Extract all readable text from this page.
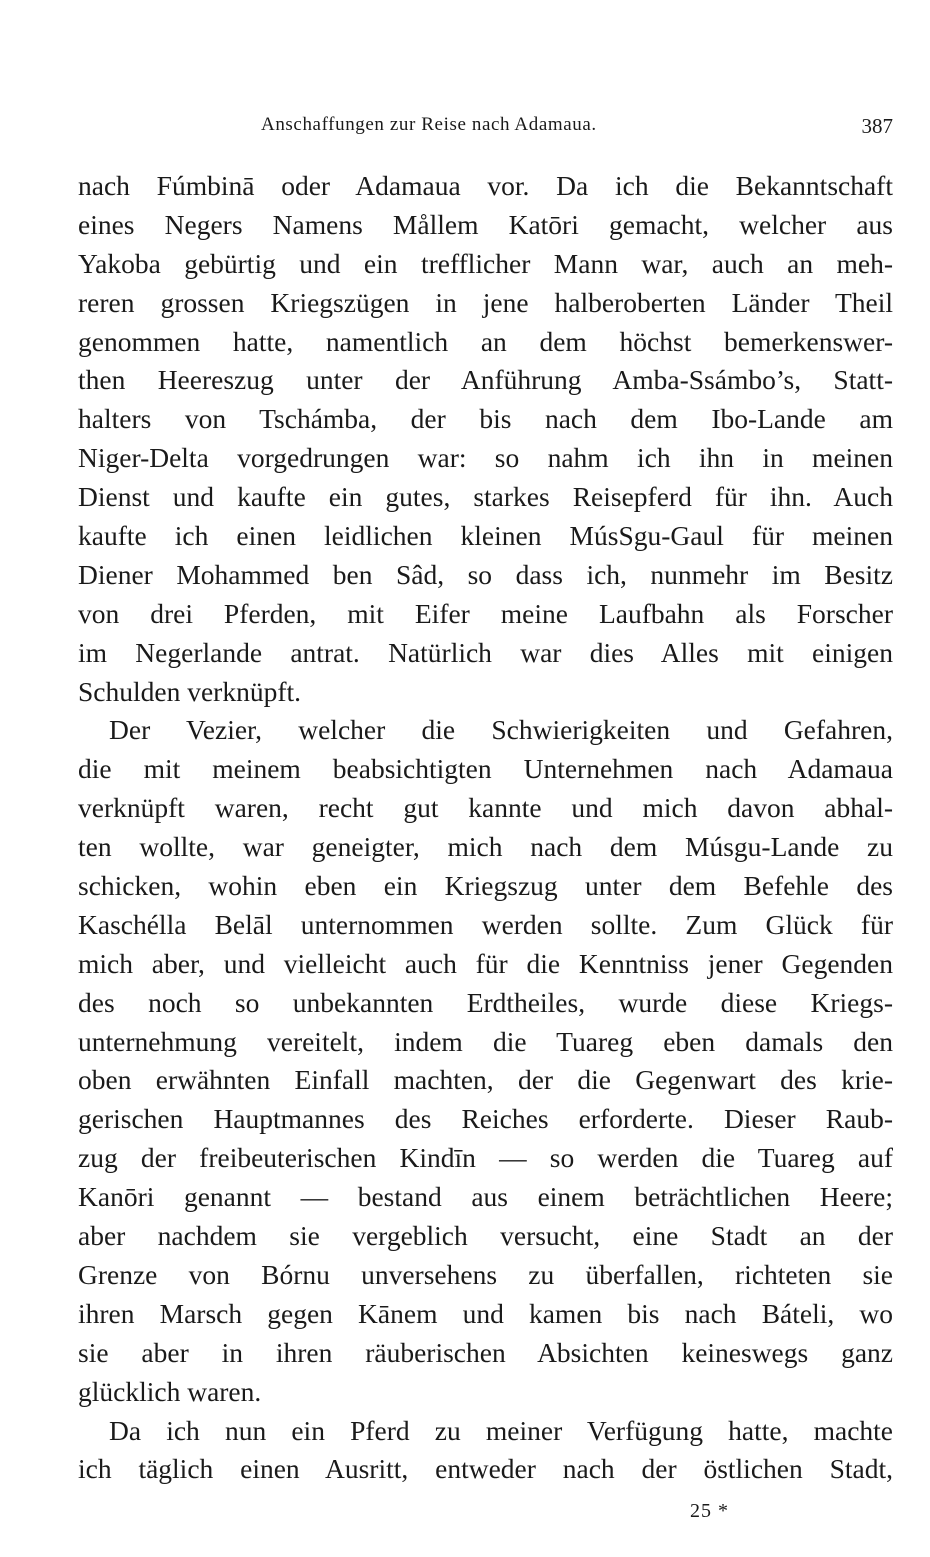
Anschaffungen zur Reise nach Adamaua.	387
nach Fúmbinā oder Adamaua vor. Da ich die Bekanntschaft
eines Negers Namens Mållem Katōri gemacht, welcher aus
Yakoba gebürtig und ein trefflicher Mann war, auch an meh-
reren grossen Kriegszügen in jene halberoberten Länder Theil
genommen hatte, namentlich an dem höchst bemerkenswer-
then Heereszug unter der Anführung Amba-Ssámbo’s, Statt-
halters von Tschámba, der bis nach dem Ibo-Lande am
Niger-Delta vorgedrungen war: so nahm ich ihn in meinen
Dienst und kaufte ein gutes, starkes Reisepferd für ihn. Auch
kaufte ich einen leidlichen kleinen MúsSgu-Gaul für meinen
Diener Mohammed ben Sâd, so dass ich, nunmehr im Besitz
von drei Pferden, mit Eifer meine Laufbahn als Forscher
im Negerlande antrat. Natürlich war dies Alles mit einigen
Schulden verknüpft.
Der Vezier, welcher die Schwierigkeiten und Gefahren,
die mit meinem beabsichtigten Unternehmen nach Adamaua
verknüpft waren, recht gut kannte und mich davon abhal-
ten wollte, war geneigter, mich nach dem Músgu-Lande zu
schicken, wohin eben ein Kriegszug unter dem Befehle des
Kaschélla Belāl unternommen werden sollte. Zum Glück für
mich aber, und vielleicht auch für die Kenntniss jener Gegenden
des noch so unbekannten Erdtheiles, wurde diese Kriegs-
unternehmung vereitelt, indem die Tuareg eben damals den
oben erwähnten Einfall machten, der die Gegenwart des krie-
gerischen Hauptmannes des Reiches erforderte. Dieser Raub-
zug der freibeuterischen Kindīn — so werden die Tuareg auf
Kanōri genannt — bestand aus einem beträchtlichen Heere;
aber nachdem sie vergeblich versucht, eine Stadt an der
Grenze von Bórnu unversehens zu überfallen, richteten sie
ihren Marsch gegen Kānem und kamen bis nach Báteli, wo
sie aber in ihren räuberischen Absichten keineswegs ganz
glücklich waren.
Da ich nun ein Pferd zu meiner Verfügung hatte, machte
ich täglich einen Ausritt, entweder nach der östlichen Stadt,
25 *
